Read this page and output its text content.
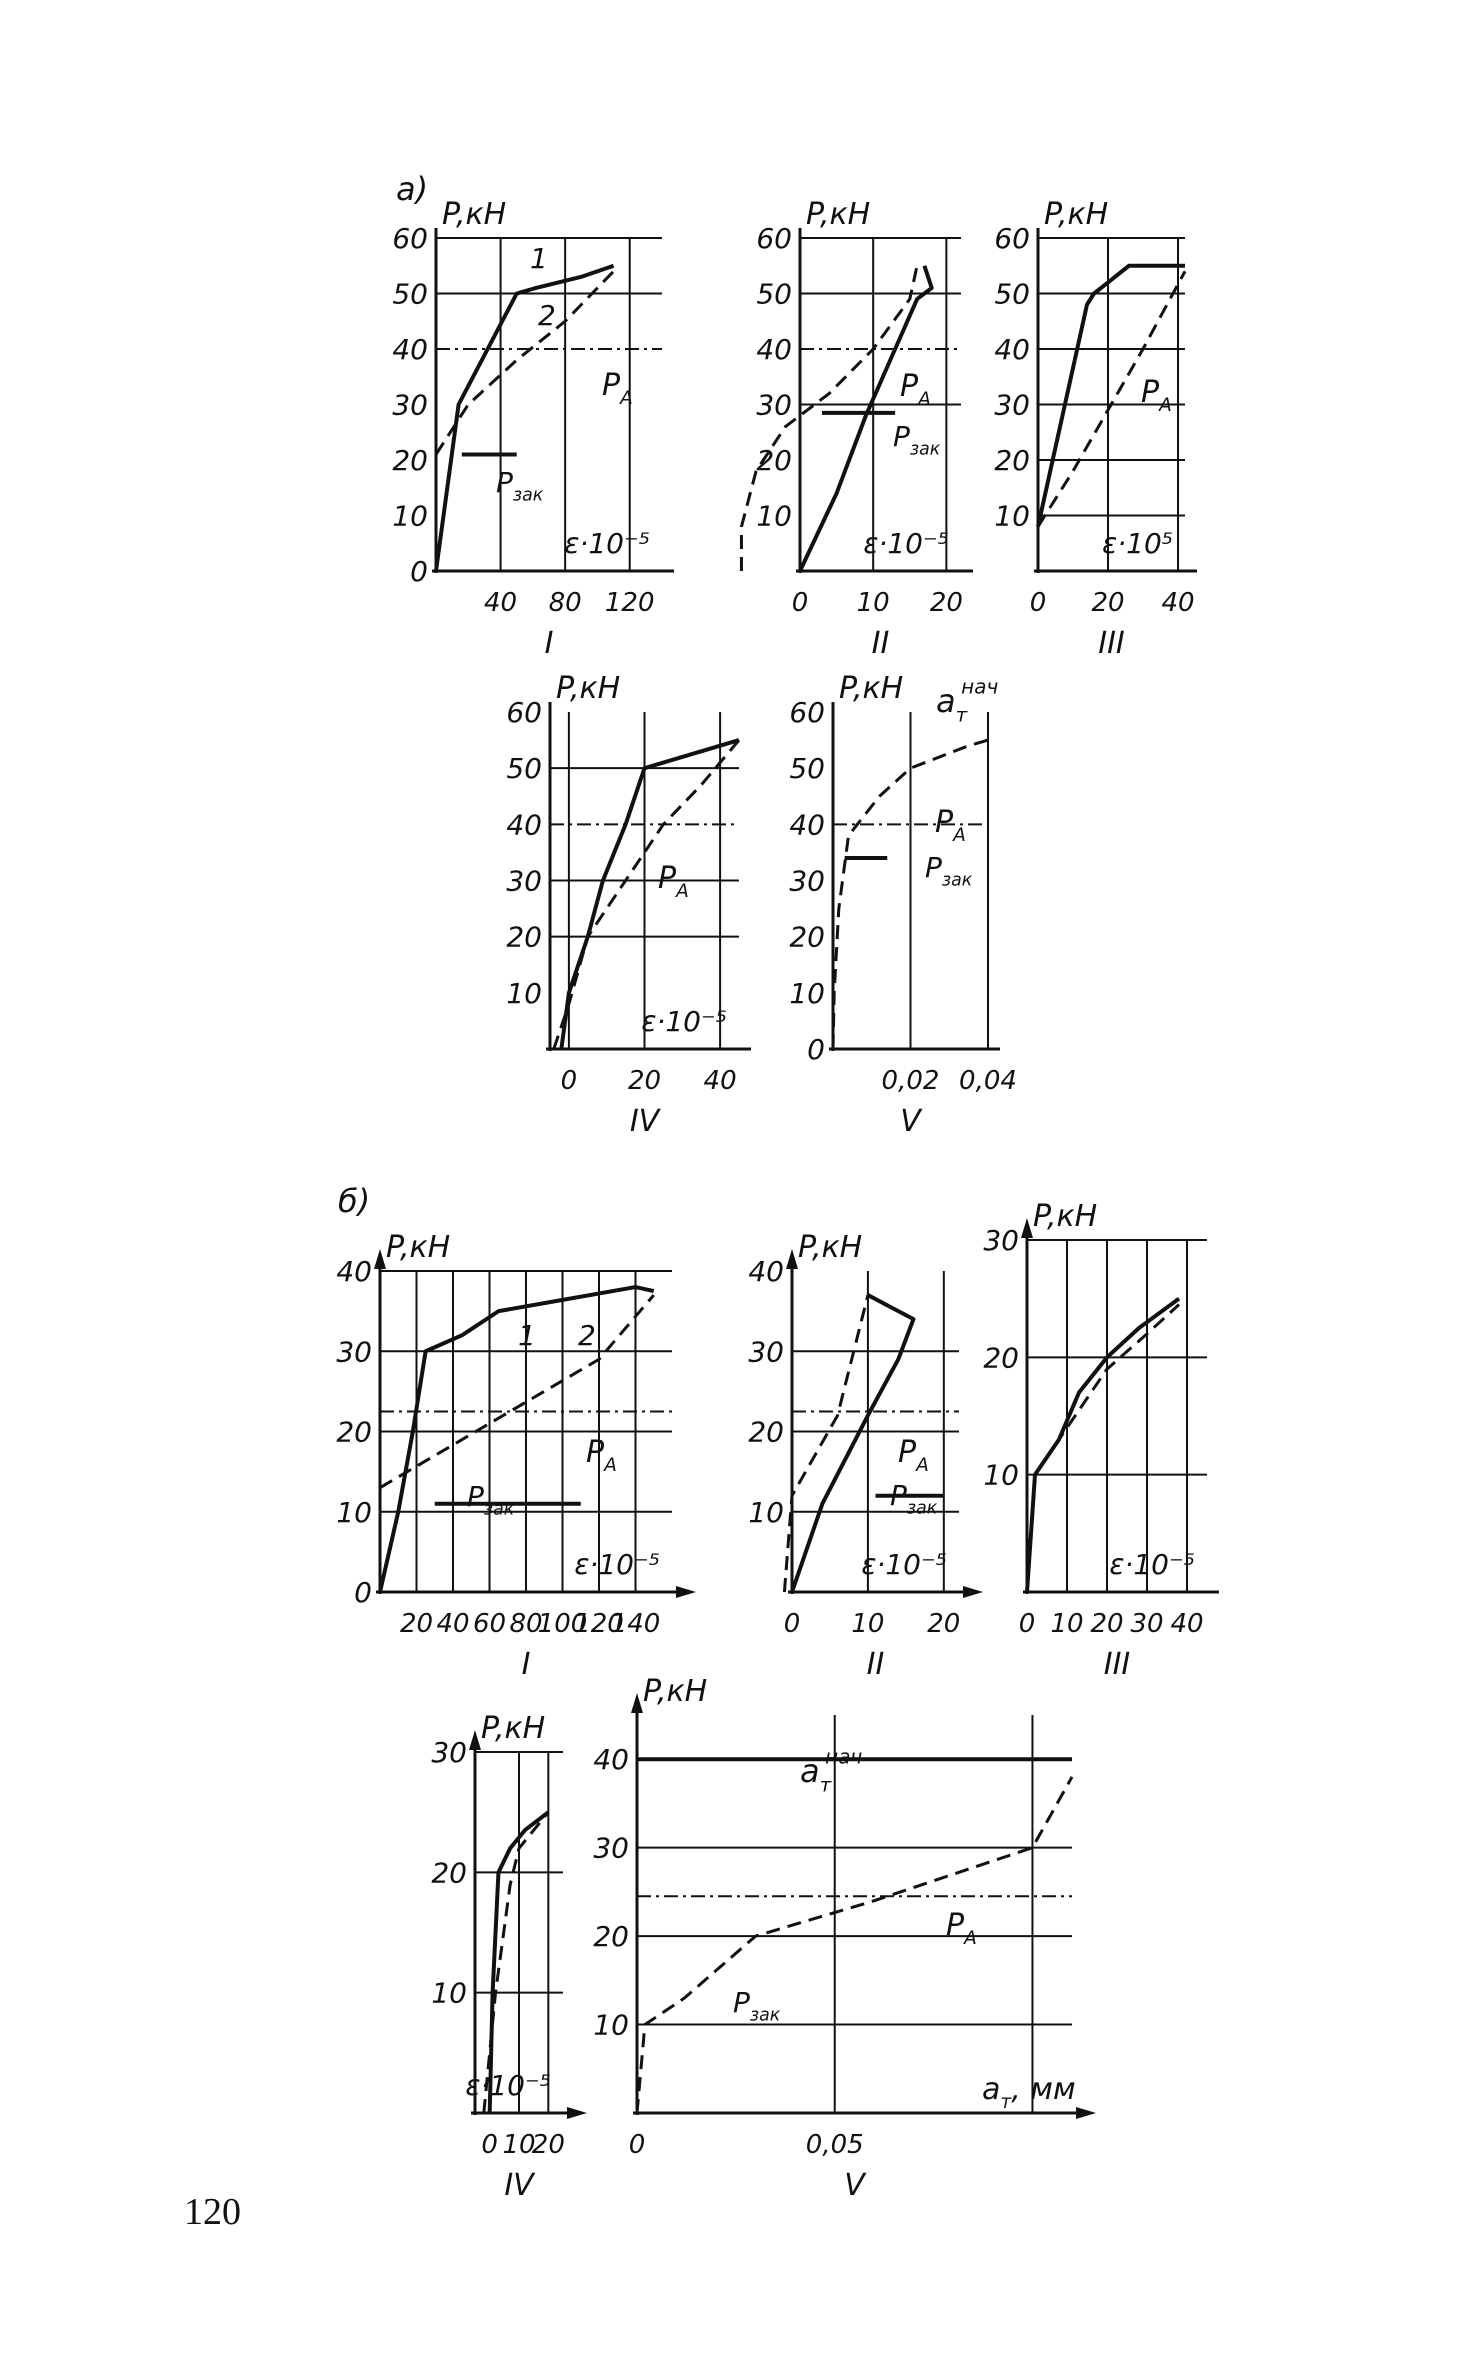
0
10
20
30
40
50
60
40 80 120
P,кН
ε·10⁻⁵
I
а)
$P_A$
$P_{зак}$
1
2
10
20
30
40
50
60
0 10 20
P,кН
ε·10⁻⁵
II
$P_A$
$P_{зак}$
10
20
30
40
50
60
0 20 40
P,кН
ε·10⁵
III
$P_A$
10
20
30
40
50
60
0 20 40
P,кН
ε·10⁻⁵
IV
$P_A$
0
10
20
30
40
50
60
0,02 0,04
P,кН
V
$P_A$
$P_{зак}$
$a_тнач$
0
10
20
30
40
20 40 60 80
100
120
140
P,кН
ε·10⁻⁵
I
б)
$P_A$
$P_{зак}$
1 2
10
20
30
40
0 10 20
P,кН
ε·10⁻⁵
II
$P_A$
$P_{зак}$
10
20
30
0 10 20 30 40
P,кН
ε·10⁻⁵
III
10
20
30
0 10
20
P,кН
ε·10⁻⁵
IV
10
20
30
40
0	0,05
P,кН
$a_т$, мм
V
$P_A$
$P_{зак}$
$a_тнач$
120
